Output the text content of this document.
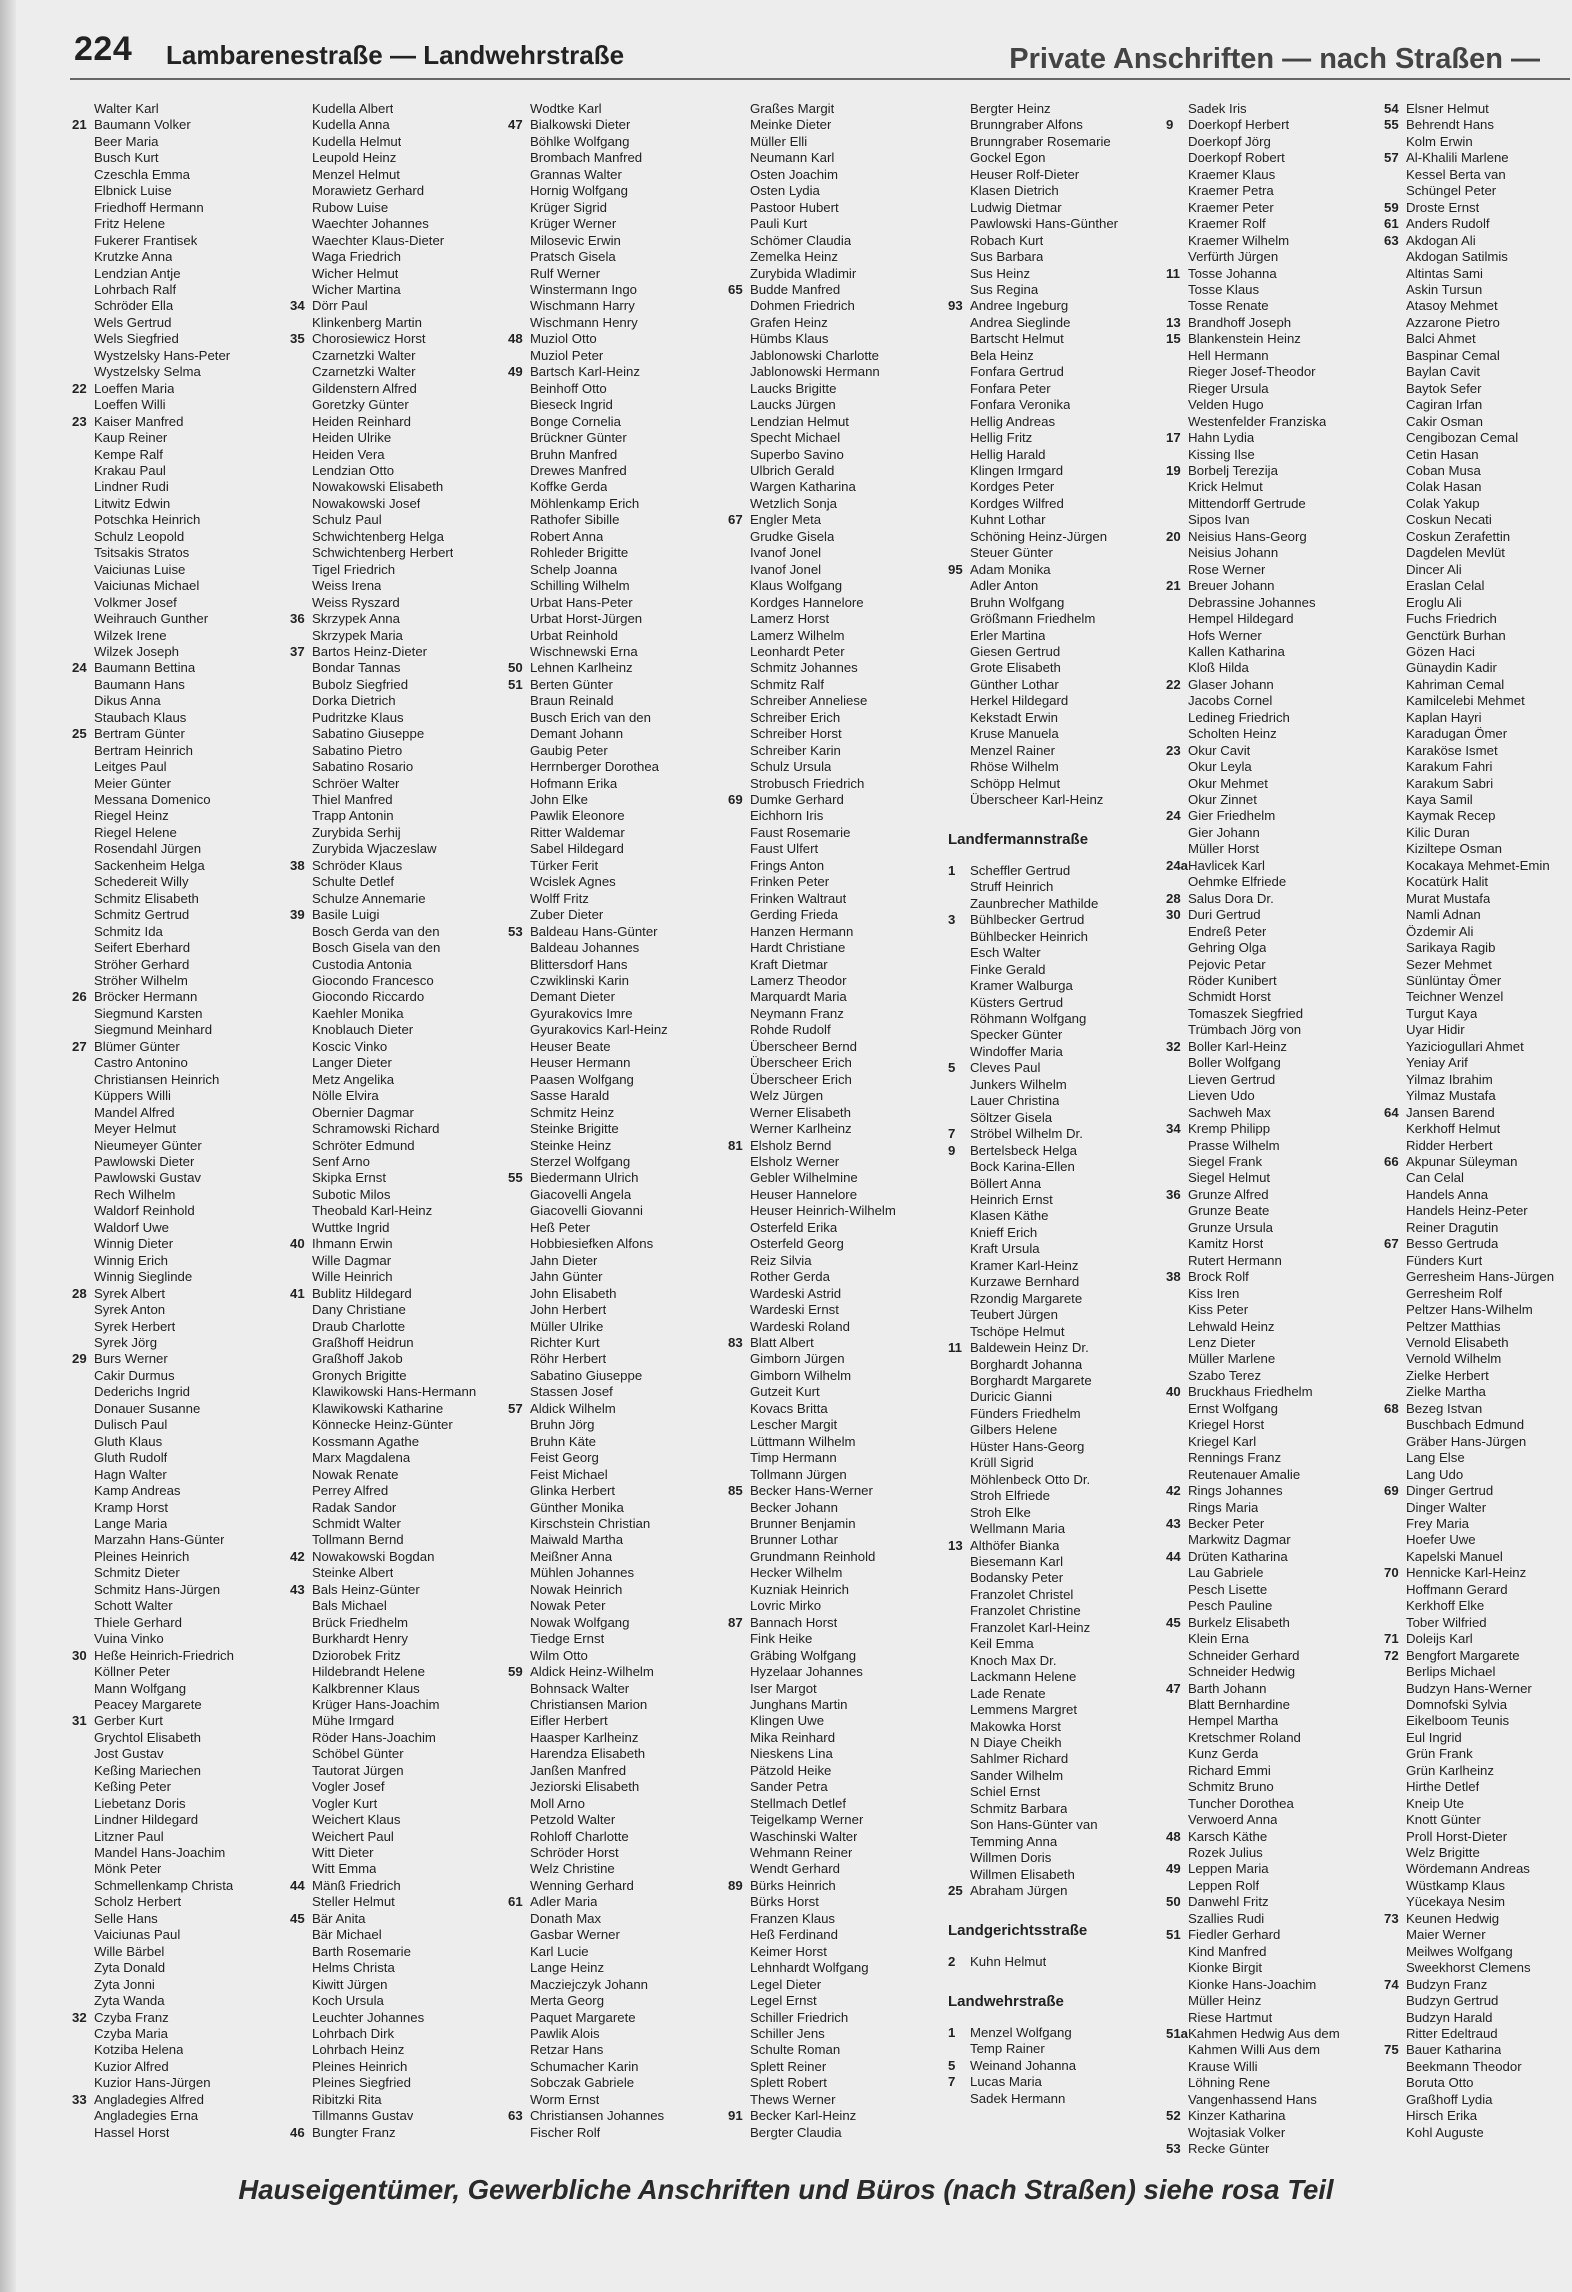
224 Lambarenestraße — Landwehrstraße	Private Anschriften — nach Straßen —
Walter Karl
21 Baumann Volker
Beer Maria
Busch Kurt
Czeschla Emma
Elbnick Luise
Friedhoff Hermann
Fritz Helene
Fukerer Frantisek
Krutzke Anna
Lendzian Antje
Lohrbach Ralf
Schröder Ella
Wels Gertrud
Wels Siegfried
Wystzelsky Hans-Peter
Wystzelsky Selma
22 Loeffen Maria
Loeffen Willi
23 Kaiser Manfred
Kaup Reiner
Kempe Ralf
Krakau Paul
Lindner Rudi
Litwitz Edwin
Potschka Heinrich
Schulz Leopold
Tsitsakis Stratos
Vaiciunas Luise
Vaiciunas Michael
Volkmer Josef
Weihrauch Gunther
Wilzek Irene
Wilzek Joseph
24 Baumann Bettina
Baumann Hans
Dikus Anna
Staubach Klaus
25 Bertram Günter
Bertram Heinrich
Leitges Paul
Meier Günter
Messana Domenico
Riegel Heinz
Riegel Helene
Rosendahl Jürgen
Sackenheim Helga
Schedereit Willy
Schmitz Elisabeth
Schmitz Gertrud
Schmitz Ida
Seifert Eberhard
Ströher Gerhard
Ströher Wilhelm
26 Bröcker Hermann
Siegmund Karsten
Siegmund Meinhard
27 Blümer Günter
Castro Antonino
Christiansen Heinrich
Küppers Willi
Mandel Alfred
Meyer Helmut
Nieumeyer Günter
Pawlowski Dieter
Pawlowski Gustav
Rech Wilhelm
Waldorf Reinhold
Waldorf Uwe
Winnig Dieter
Winnig Erich
Winnig Sieglinde
28 Syrek Albert
Syrek Anton
Syrek Herbert
Syrek Jörg
29 Burs Werner
Cakir Durmus
Dederichs Ingrid
Donauer Susanne
Dulisch Paul
Gluth Klaus
Gluth Rudolf
Hagn Walter
Kamp Andreas
Kramp Horst
Lange Maria
Marzahn Hans-Günter
Pleines Heinrich
Schmitz Dieter
Schmitz Hans-Jürgen
Schott Walter
Thiele Gerhard
Vuina Vinko
30 Heße Heinrich-Friedrich
Köllner Peter
Mann Wolfgang
Peacey Margarete
31 Gerber Kurt
Grychtol Elisabeth
Jost Gustav
Keßing Mariechen
Keßing Peter
Liebetanz Doris
Lindner Hildegard
Litzner Paul
Mandel Hans-Joachim
Mönk Peter
Schmellenkamp Christa
Scholz Herbert
Selle Hans
Vaiciunas Paul
Wille Bärbel
Zyta Donald
Zyta Jonni
Zyta Wanda
32 Czyba Franz
Czyba Maria
Kotziba Helena
Kuzior Alfred
Kuzior Hans-Jürgen
33 Angladegies Alfred
Angladegies Erna
Hassel Horst
Kudella Albert
Kudella Anna
Kudella Helmut
Leupold Heinz
Menzel Helmut
Morawietz Gerhard
Rubow Luise
Waechter Johannes
Waechter Klaus-Dieter
Waga Friedrich
Wicher Helmut
Wicher Martina
34 Dörr Paul
Klinkenberg Martin
35 Chorosiewicz Horst
Czarnetzki Walter
Czarnetzki Walter
Gildenstern Alfred
Goretzky Günter
Heiden Reinhard
Heiden Ulrike
Heiden Vera
Lendzian Otto
Nowakowski Elisabeth
Nowakowski Josef
Schulz Paul
Schwichtenberg Helga
Schwichtenberg Herbert
Tigel Friedrich
Weiss Irena
Weiss Ryszard
36 Skrzypek Anna
Skrzypek Maria
37 Bartos Heinz-Dieter
Bondar Tannas
Bubolz Siegfried
Dorka Dietrich
Pudritzke Klaus
Sabatino Giuseppe
Sabatino Pietro
Sabatino Rosario
Schröer Walter
Thiel Manfred
Trapp Antonin
Zurybida Serhij
Zurybida Wjaczeslaw
38 Schröder Klaus
Schulte Detlef
Schulze Annemarie
39 Basile Luigi
Bosch Gerda van den
Bosch Gisela van den
Custodia Antonia
Giocondo Francesco
Giocondo Riccardo
Kaehler Monika
Knoblauch Dieter
Koscic Vinko
Langer Dieter
Metz Angelika
Nölle Elvira
Obernier Dagmar
Schramowski Richard
Schröter Edmund
Senf Arno
Skipka Ernst
Subotic Milos
Theobald Karl-Heinz
Wuttke Ingrid
40 Ihmann Erwin
Wille Dagmar
Wille Heinrich
41 Bublitz Hildegard
Dany Christiane
Draub Charlotte
Graßhoff Heidrun
Graßhoff Jakob
Gronych Brigitte
Klawikowski Hans-Hermann
Klawikowski Katharine
Könnecke Heinz-Günter
Kossmann Agathe
Marx Magdalena
Nowak Renate
Perrey Alfred
Radak Sandor
Schmidt Walter
Tollmann Bernd
42 Nowakowski Bogdan
Steinke Albert
43 Bals Heinz-Günter
Bals Michael
Brück Friedhelm
Burkhardt Henry
Dziorobek Fritz
Hildebrandt Helene
Kalkbrenner Klaus
Krüger Hans-Joachim
Mühe Irmgard
Röder Hans-Joachim
Schöbel Günter
Tautorat Jürgen
Vogler Josef
Vogler Kurt
Weichert Klaus
Weichert Paul
Witt Dieter
Witt Emma
44 Mänß Friedrich
Steller Helmut
45 Bär Anita
Bär Michael
Barth Rosemarie
Helms Christa
Kiwitt Jürgen
Koch Ursula
Leuchter Johannes
Lohrbach Dirk
Lohrbach Heinz
Pleines Heinrich
Pleines Siegfried
Ribitzki Rita
Tillmanns Gustav
46 Bungter Franz
Wodtke Karl
47 Bialkowski Dieter
Böhlke Wolfgang
Brombach Manfred
Grannas Walter
Hornig Wolfgang
Krüger Sigrid
Krüger Werner
Milosevic Erwin
Pratsch Gisela
Rulf Werner
Winstermann Ingo
Wischmann Harry
Wischmann Henry
48 Muziol Otto
Muziol Peter
49 Bartsch Karl-Heinz
Beinhoff Otto
Bieseck Ingrid
Bonge Cornelia
Brückner Günter
Bruhn Manfred
Drewes Manfred
Koffke Gerda
Möhlenkamp Erich
Rathofer Sibille
Robert Anna
Rohleder Brigitte
Schelp Joanna
Schilling Wilhelm
Urbat Hans-Peter
Urbat Horst-Jürgen
Urbat Reinhold
Wischnewski Erna
50 Lehnen Karlheinz
51 Berten Günter
Braun Reinald
Busch Erich van den
Demant Johann
Gaubig Peter
Herrnberger Dorothea
Hofmann Erika
John Elke
Pawlik Eleonore
Ritter Waldemar
Sabel Hildegard
Türker Ferit
Wcislek Agnes
Wolff Fritz
Zuber Dieter
53 Baldeau Hans-Günter
Baldeau Johannes
Blittersdorf Hans
Czwiklinski Karin
Demant Dieter
Gyurakovics Imre
Gyurakovics Karl-Heinz
Heuser Beate
Heuser Hermann
Paasen Wolfgang
Sasse Harald
Schmitz Heinz
Steinke Brigitte
Steinke Heinz
Sterzel Wolfgang
55 Biedermann Ulrich
Giacovelli Angela
Giacovelli Giovanni
Heß Peter
Hobbiesiefken Alfons
Jahn Dieter
Jahn Günter
John Elisabeth
John Herbert
Müller Ulrike
Richter Kurt
Röhr Herbert
Sabatino Giuseppe
Stassen Josef
57 Aldick Wilhelm
Bruhn Jörg
Bruhn Käte
Feist Georg
Feist Michael
Glinka Herbert
Günther Monika
Kirschstein Christian
Maiwald Martha
Meißner Anna
Mühlen Johannes
Nowak Heinrich
Nowak Peter
Nowak Wolfgang
Tiedge Ernst
Wilm Otto
59 Aldick Heinz-Wilhelm
Bohnsack Walter
Christiansen Marion
Eifler Herbert
Haasper Karlheinz
Harendza Elisabeth
Janßen Manfred
Jeziorski Elisabeth
Moll Arno
Petzold Walter
Rohloff Charlotte
Schröder Horst
Welz Christine
Wenning Gerhard
61 Adler Maria
Donath Max
Gasbar Werner
Karl Lucie
Lange Heinz
Macziejczyk Johann
Merta Georg
Paquet Margarete
Pawlik Alois
Retzar Hans
Schumacher Karin
Sobczak Gabriele
Worm Ernst
63 Christiansen Johannes
Fischer Rolf
Graßes Margit
Meinke Dieter
Müller Elli
Neumann Karl
Osten Joachim
Osten Lydia
Pastoor Hubert
Pauli Kurt
Schömer Claudia
Zemelka Heinz
Zurybida Wladimir
65 Budde Manfred
Dohmen Friedrich
Grafen Heinz
Hümbs Klaus
Jablonowski Charlotte
Jablonowski Hermann
Laucks Brigitte
Laucks Jürgen
Lendzian Helmut
Specht Michael
Superbo Savino
Ulbrich Gerald
Wargen Katharina
Wetzlich Sonja
67 Engler Meta
Grudke Gisela
Ivanof Jonel
Ivanof Jonel
Klaus Wolfgang
Kordges Hannelore
Lamerz Horst
Lamerz Wilhelm
Leonhardt Peter
Schmitz Johannes
Schmitz Ralf
Schreiber Anneliese
Schreiber Erich
Schreiber Horst
Schreiber Karin
Schulz Ursula
Strobusch Friedrich
69 Dumke Gerhard
Eichhorn Iris
Faust Rosemarie
Faust Ulfert
Frings Anton
Frinken Peter
Frinken Waltraut
Gerding Frieda
Hanzen Hermann
Hardt Christiane
Kraft Dietmar
Lamerz Theodor
Marquardt Maria
Neymann Franz
Rohde Rudolf
Überscheer Bernd
Überscheer Erich
Überscheer Erich
Welz Jürgen
Werner Elisabeth
Werner Karlheinz
81 Elsholz Bernd
Elsholz Werner
Gebler Wilhelmine
Heuser Hannelore
Heuser Heinrich-Wilhelm
Osterfeld Erika
Osterfeld Georg
Reiz Silvia
Rother Gerda
Wardeski Astrid
Wardeski Ernst
Wardeski Roland
83 Blatt Albert
Gimborn Jürgen
Gimborn Wilhelm
Gutzeit Kurt
Kovacs Britta
Lescher Margit
Lüttmann Wilhelm
Timp Hermann
Tollmann Jürgen
85 Becker Hans-Werner
Becker Johann
Brunner Benjamin
Brunner Lothar
Grundmann Reinhold
Hecker Wilhelm
Kuzniak Heinrich
Lovric Mirko
87 Bannach Horst
Fink Heike
Gräbing Wolfgang
Hyzelaar Johannes
Iser Margot
Junghans Martin
Klingen Uwe
Mika Reinhard
Nieskens Lina
Pätzold Heike
Sander Petra
Stellmach Detlef
Teigelkamp Werner
Waschinski Walter
Wehmann Reiner
Wendt Gerhard
89 Bürks Heinrich
Bürks Horst
Franzen Klaus
Heß Ferdinand
Keimer Horst
Lehnhardt Wolfgang
Legel Dieter
Legel Ernst
Schiller Friedrich
Schiller Jens
Schulte Roman
Splett Reiner
Splett Robert
Thews Werner
91 Becker Karl-Heinz
Bergter Claudia
Bergter Heinz
Brunngraber Alfons
Brunngraber Rosemarie
Gockel Egon
Heuser Rolf-Dieter
Klasen Dietrich
Ludwig Dietmar
Pawlowski Hans-Günther
Robach Kurt
Sus Barbara
Sus Heinz
Sus Regina
93 Andree Ingeburg
Andrea Sieglinde
Bartscht Helmut
Bela Heinz
Fonfara Gertrud
Fonfara Peter
Fonfara Veronika
Hellig Andreas
Hellig Fritz
Hellig Harald
Klingen Irmgard
Kordges Peter
Kordges Wilfred
Kuhnt Lothar
Schöning Heinz-Jürgen
Steuer Günter
95 Adam Monika
Adler Anton
Bruhn Wolfgang
Größmann Friedhelm
Erler Martina
Giesen Gertrud
Grote Elisabeth
Günther Lothar
Herkel Hildegard
Kekstadt Erwin
Kruse Manuela
Menzel Rainer
Rhöse Wilhelm
Schöpp Helmut
Überscheer Karl-Heinz
Landfermannstraße
1	Scheffler Gertrud
Struff Heinrich
Zaunbrecher Mathilde
3	Bühlbecker Gertrud
Bühlbecker Heinrich
Esch Walter
Finke Gerald
Kramer Walburga
Küsters Gertrud
Röhmann Wolfgang
Specker Günter
Windoffer Maria
5	Cleves Paul
Junkers Wilhelm
Lauer Christina
Söltzer Gisela
7	Ströbel Wilhelm Dr.
9	Bertelsbeck Helga
Bock Karina-Ellen
Böllert Anna
Heinrich Ernst
Klasen Käthe
Knieff Erich
Kraft Ursula
Kramer Karl-Heinz
Kurzawe Bernhard
Rzondig Margarete
Teubert Jürgen
Tschöpe Helmut
11 Baldewein Heinz Dr.
Borghardt Johanna
Borghardt Margarete
Duricic Gianni
Fünders Friedhelm
Gilbers Helene
Hüster Hans-Georg
Krüll Sigrid
Möhlenbeck Otto Dr.
Stroh Elfriede
Stroh Elke
Wellmann Maria
13 Althöfer Bianka
Biesemann Karl
Bodansky Peter
Franzolet Christel
Franzolet Christine
Franzolet Karl-Heinz
Keil Emma
Knoch Max Dr.
Lackmann Helene
Lade Renate
Lemmens Margret
Makowka Horst
N Diaye Cheikh
Sahlmer Richard
Sander Wilhelm
Schiel Ernst
Schmitz Barbara
Son Hans-Günter van
Temming Anna
Willmen Doris
Willmen Elisabeth
25 Abraham Jürgen
Landgerichtsstraße
2	Kuhn Helmut
Landwehrstraße
1	Menzel Wolfgang
Temp Rainer
5	Weinand Johanna
7	Lucas Maria
Sadek Hermann
Sadek Iris
9	Doerkopf Herbert
Doerkopf Jörg
Doerkopf Robert
Kraemer Klaus
Kraemer Petra
Kraemer Peter
Kraemer Rolf
Kraemer Wilhelm
Verfürth Jürgen
11 Tosse Johanna
Tosse Klaus
Tosse Renate
13 Brandhoff Joseph
15 Blankenstein Heinz
Hell Hermann
Rieger Josef-Theodor
Rieger Ursula
Velden Hugo
Westenfelder Franziska
17 Hahn Lydia
Kissing Ilse
19 Borbelj Terezija
Krick Helmut
Mittendorff Gertrude
Sipos Ivan
20 Neisius Hans-Georg
Neisius Johann
Rose Werner
21 Breuer Johann
Debrassine Johannes
Hempel Hildegard
Hofs Werner
Kallen Katharina
Kloß Hilda
22 Glaser Johann
Jacobs Cornel
Ledineg Friedrich
Scholten Heinz
23 Okur Cavit
Okur Leyla
Okur Mehmet
Okur Zinnet
24 Gier Friedhelm
Gier Johann
Müller Horst
24a Havlicek Karl
Oehmke Elfriede
28 Salus Dora Dr.
30 Duri Gertrud
Endreß Peter
Gehring Olga
Pejovic Petar
Röder Kunibert
Schmidt Horst
Tomaszek Siegfried
Trümbach Jörg von
32 Boller Karl-Heinz
Boller Wolfgang
Lieven Gertrud
Lieven Udo
Sachweh Max
34 Kremp Philipp
Prasse Wilhelm
Siegel Frank
Siegel Helmut
36 Grunze Alfred
Grunze Beate
Grunze Ursula
Kamitz Horst
Rutert Hermann
38 Brock Rolf
Kiss Iren
Kiss Peter
Lehwald Heinz
Lenz Dieter
Müller Marlene
Szabo Terez
40 Bruckhaus Friedhelm
Ernst Wolfgang
Kriegel Horst
Kriegel Karl
Rennings Franz
Reutenauer Amalie
42 Rings Johannes
Rings Maria
43 Becker Peter
Markwitz Dagmar
44 Drüten Katharina
Lau Gabriele
Pesch Lisette
Pesch Pauline
45 Burkelz Elisabeth
Klein Erna
Schneider Gerhard
Schneider Hedwig
47 Barth Johann
Blatt Bernhardine
Hempel Martha
Kretschmer Roland
Kunz Gerda
Richard Emmi
Schmitz Bruno
Tuncher Dorothea
Verwoerd Anna
48 Karsch Käthe
Rozek Julius
49 Leppen Maria
Leppen Rolf
50 Danwehl Fritz
Szallies Rudi
51 Fiedler Gerhard
Kind Manfred
Kionke Birgit
Kionke Hans-Joachim
Müller Heinz
Riese Hartmut
51a Kahmen Hedwig Aus dem
Kahmen Willi Aus dem
Krause Willi
Löhning Rene
Vangenhassend Hans
52 Kinzer Katharina
Wojtasiak Volker
53 Recke Günter
54 Elsner Helmut
55 Behrendt Hans
Kolm Erwin
57 Al-Khalili Marlene
Kessel Berta van
Schüngel Peter
59 Droste Ernst
61 Anders Rudolf
63 Akdogan Ali
Akdogan Satilmis
Altintas Sami
Askin Tursun
Atasoy Mehmet
Azzarone Pietro
Balci Ahmet
Baspinar Cemal
Baylan Cavit
Baytok Sefer
Cagiran Irfan
Cakir Osman
Cengibozan Cemal
Cetin Hasan
Coban Musa
Colak Hasan
Colak Yakup
Coskun Necati
Coskun Zerafettin
Dagdelen Mevlüt
Dincer Ali
Eraslan Celal
Eroglu Ali
Fuchs Friedrich
Genctürk Burhan
Gözen Haci
Günaydin Kadir
Kahriman Cemal
Kamilcelebi Mehmet
Kaplan Hayri
Karadugan Ömer
Karaköse Ismet
Karakum Fahri
Karakum Sabri
Kaya Samil
Kaymak Recep
Kilic Duran
Kiziltepe Osman
Kocakaya Mehmet-Emin
Kocatürk Halit
Murat Mustafa
Namli Adnan
Özdemir Ali
Sarikaya Ragib
Sezer Mehmet
Sünlüntay Ömer
Teichner Wenzel
Turgut Kaya
Uyar Hidir
Yaziciogullari Ahmet
Yeniay Arif
Yilmaz Ibrahim
Yilmaz Mustafa
64 Jansen Barend
Kerkhoff Helmut
Ridder Herbert
66 Akpunar Süleyman
Can Celal
Handels Anna
Handels Heinz-Peter
Reiner Dragutin
67 Besso Gertruda
Fünders Kurt
Gerresheim Hans-Jürgen
Gerresheim Rolf
Peltzer Hans-Wilhelm
Peltzer Matthias
Vernold Elisabeth
Vernold Wilhelm
Zielke Herbert
Zielke Martha
68 Bezeg Istvan
Buschbach Edmund
Gräber Hans-Jürgen
Lang Else
Lang Udo
69 Dinger Gertrud
Dinger Walter
Frey Maria
Hoefer Uwe
Kapelski Manuel
70 Hennicke Karl-Heinz
Hoffmann Gerard
Kerkhoff Elke
Tober Wilfried
71 Doleijs Karl
72 Bengfort Margarete
Berlips Michael
Budzyn Hans-Werner
Domnofski Sylvia
Eikelboom Teunis
Eul Ingrid
Grün Frank
Grün Karlheinz
Hirthe Detlef
Kneip Ute
Knott Günter
Proll Horst-Dieter
Welz Brigitte
Wördemann Andreas
Wüstkamp Klaus
Yücekaya Nesim
73 Keunen Hedwig
Maier Werner
Meilwes Wolfgang
Sweekhorst Clemens
74 Budzyn Franz
Budzyn Gertrud
Budzyn Harald
Ritter Edeltraud
75 Bauer Katharina
Beekmann Theodor
Boruta Otto
Graßhoff Lydia
Hirsch Erika
Kohl Auguste
Hauseigentümer, Gewerbliche Anschriften und Büros (nach Straßen) siehe rosa Teil
